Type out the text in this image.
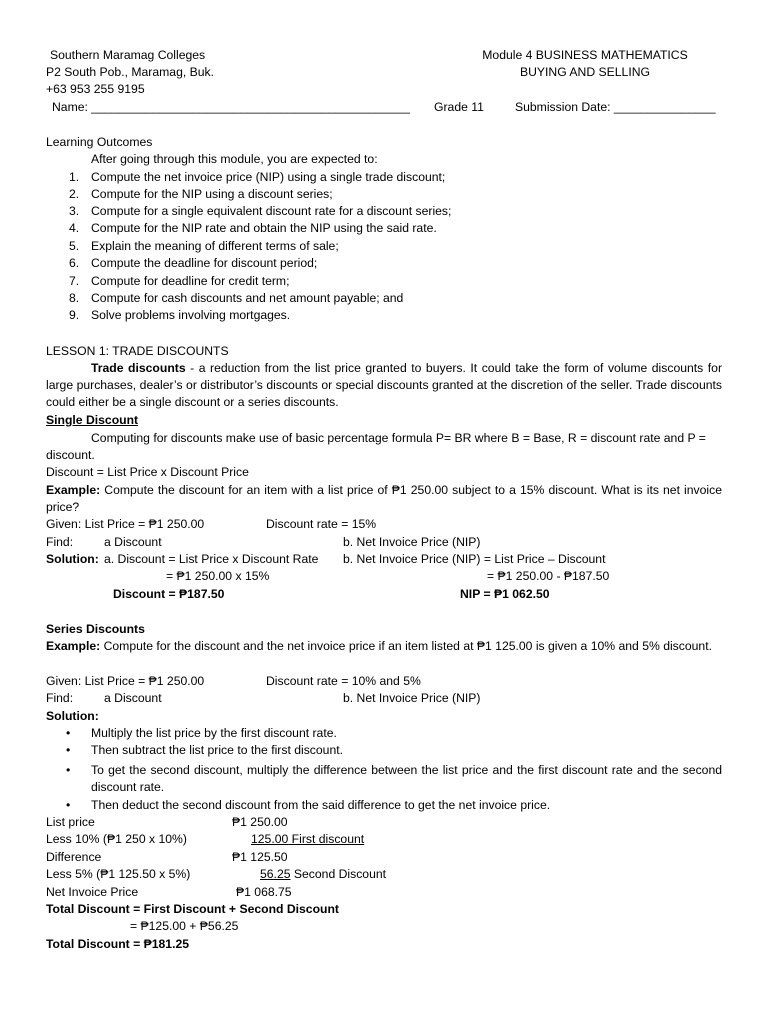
Southern Maramag Colleges
P2 South Pob., Maramag, Buk.
+63 953 255 9195
Module 4 BUSINESS MATHEMATICS
BUYING AND SELLING
Name: _______________________________________________ Grade 11	Submission Date: _______________
Learning Outcomes
After going through this module, you are expected to:
1. Compute the net invoice price (NIP) using a single trade discount;
2. Compute for the NIP using a discount series;
3. Compute for a single equivalent discount rate for a discount series;
4. Compute for the NIP rate and obtain the NIP using the said rate.
5. Explain the meaning of different terms of sale;
6. Compute the deadline for discount period;
7. Compute for deadline for credit term;
8. Compute for cash discounts and net amount payable; and
9. Solve problems involving mortgages.
LESSON 1: TRADE DISCOUNTS
Trade discounts - a reduction from the list price granted to buyers. It could take the form of volume discounts for large purchases, dealer’s or distributor’s discounts or special discounts granted at the discretion of the seller. Trade discounts could either be a single discount or a series discounts.
Single Discount
Computing for discounts make use of basic percentage formula P= BR where B = Base, R = discount rate and P =
discount.
Discount = List Price x Discount Price
Example: Compute the discount for an item with a list price of ₱1 250.00 subject to a 15% discount. What is its net invoice price?
Given: List Price = ₱1 250.00	Discount rate = 15%
Find:	a Discount	b. Net Invoice Price (NIP)
Solution: a. Discount = List Price x Discount Rate b. Net Invoice Price (NIP) = List Price – Discount
= ₱1 250.00 x 15%	= ₱1 250.00 - ₱187.50
Discount = ₱187.50	NIP = ₱1 062.50
Series Discounts
Example: Compute for the discount and the net invoice price if an item listed at ₱1 125.00 is given a 10% and 5% discount.
Given: List Price = ₱1 250.00	Discount rate = 10% and 5%
Find:	a Discount	b. Net Invoice Price (NIP)
Solution:
• Multiply the list price by the first discount rate.
• Then subtract the list price to the first discount.
• To get the second discount, multiply the difference between the list price and the first discount rate and the second discount rate.
• Then deduct the second discount from the said difference to get the net invoice price.
List price	₱1 250.00
Less 10% (₱1 250 x 10%)	125.00 First discount
Difference	₱1 125.50
Less 5% (₱1 125.50 x 5%)	56.25 Second Discount
Net Invoice Price	₱1 068.75
Total Discount = First Discount + Second Discount
= ₱125.00 + ₱56.25
Total Discount = ₱181.25
